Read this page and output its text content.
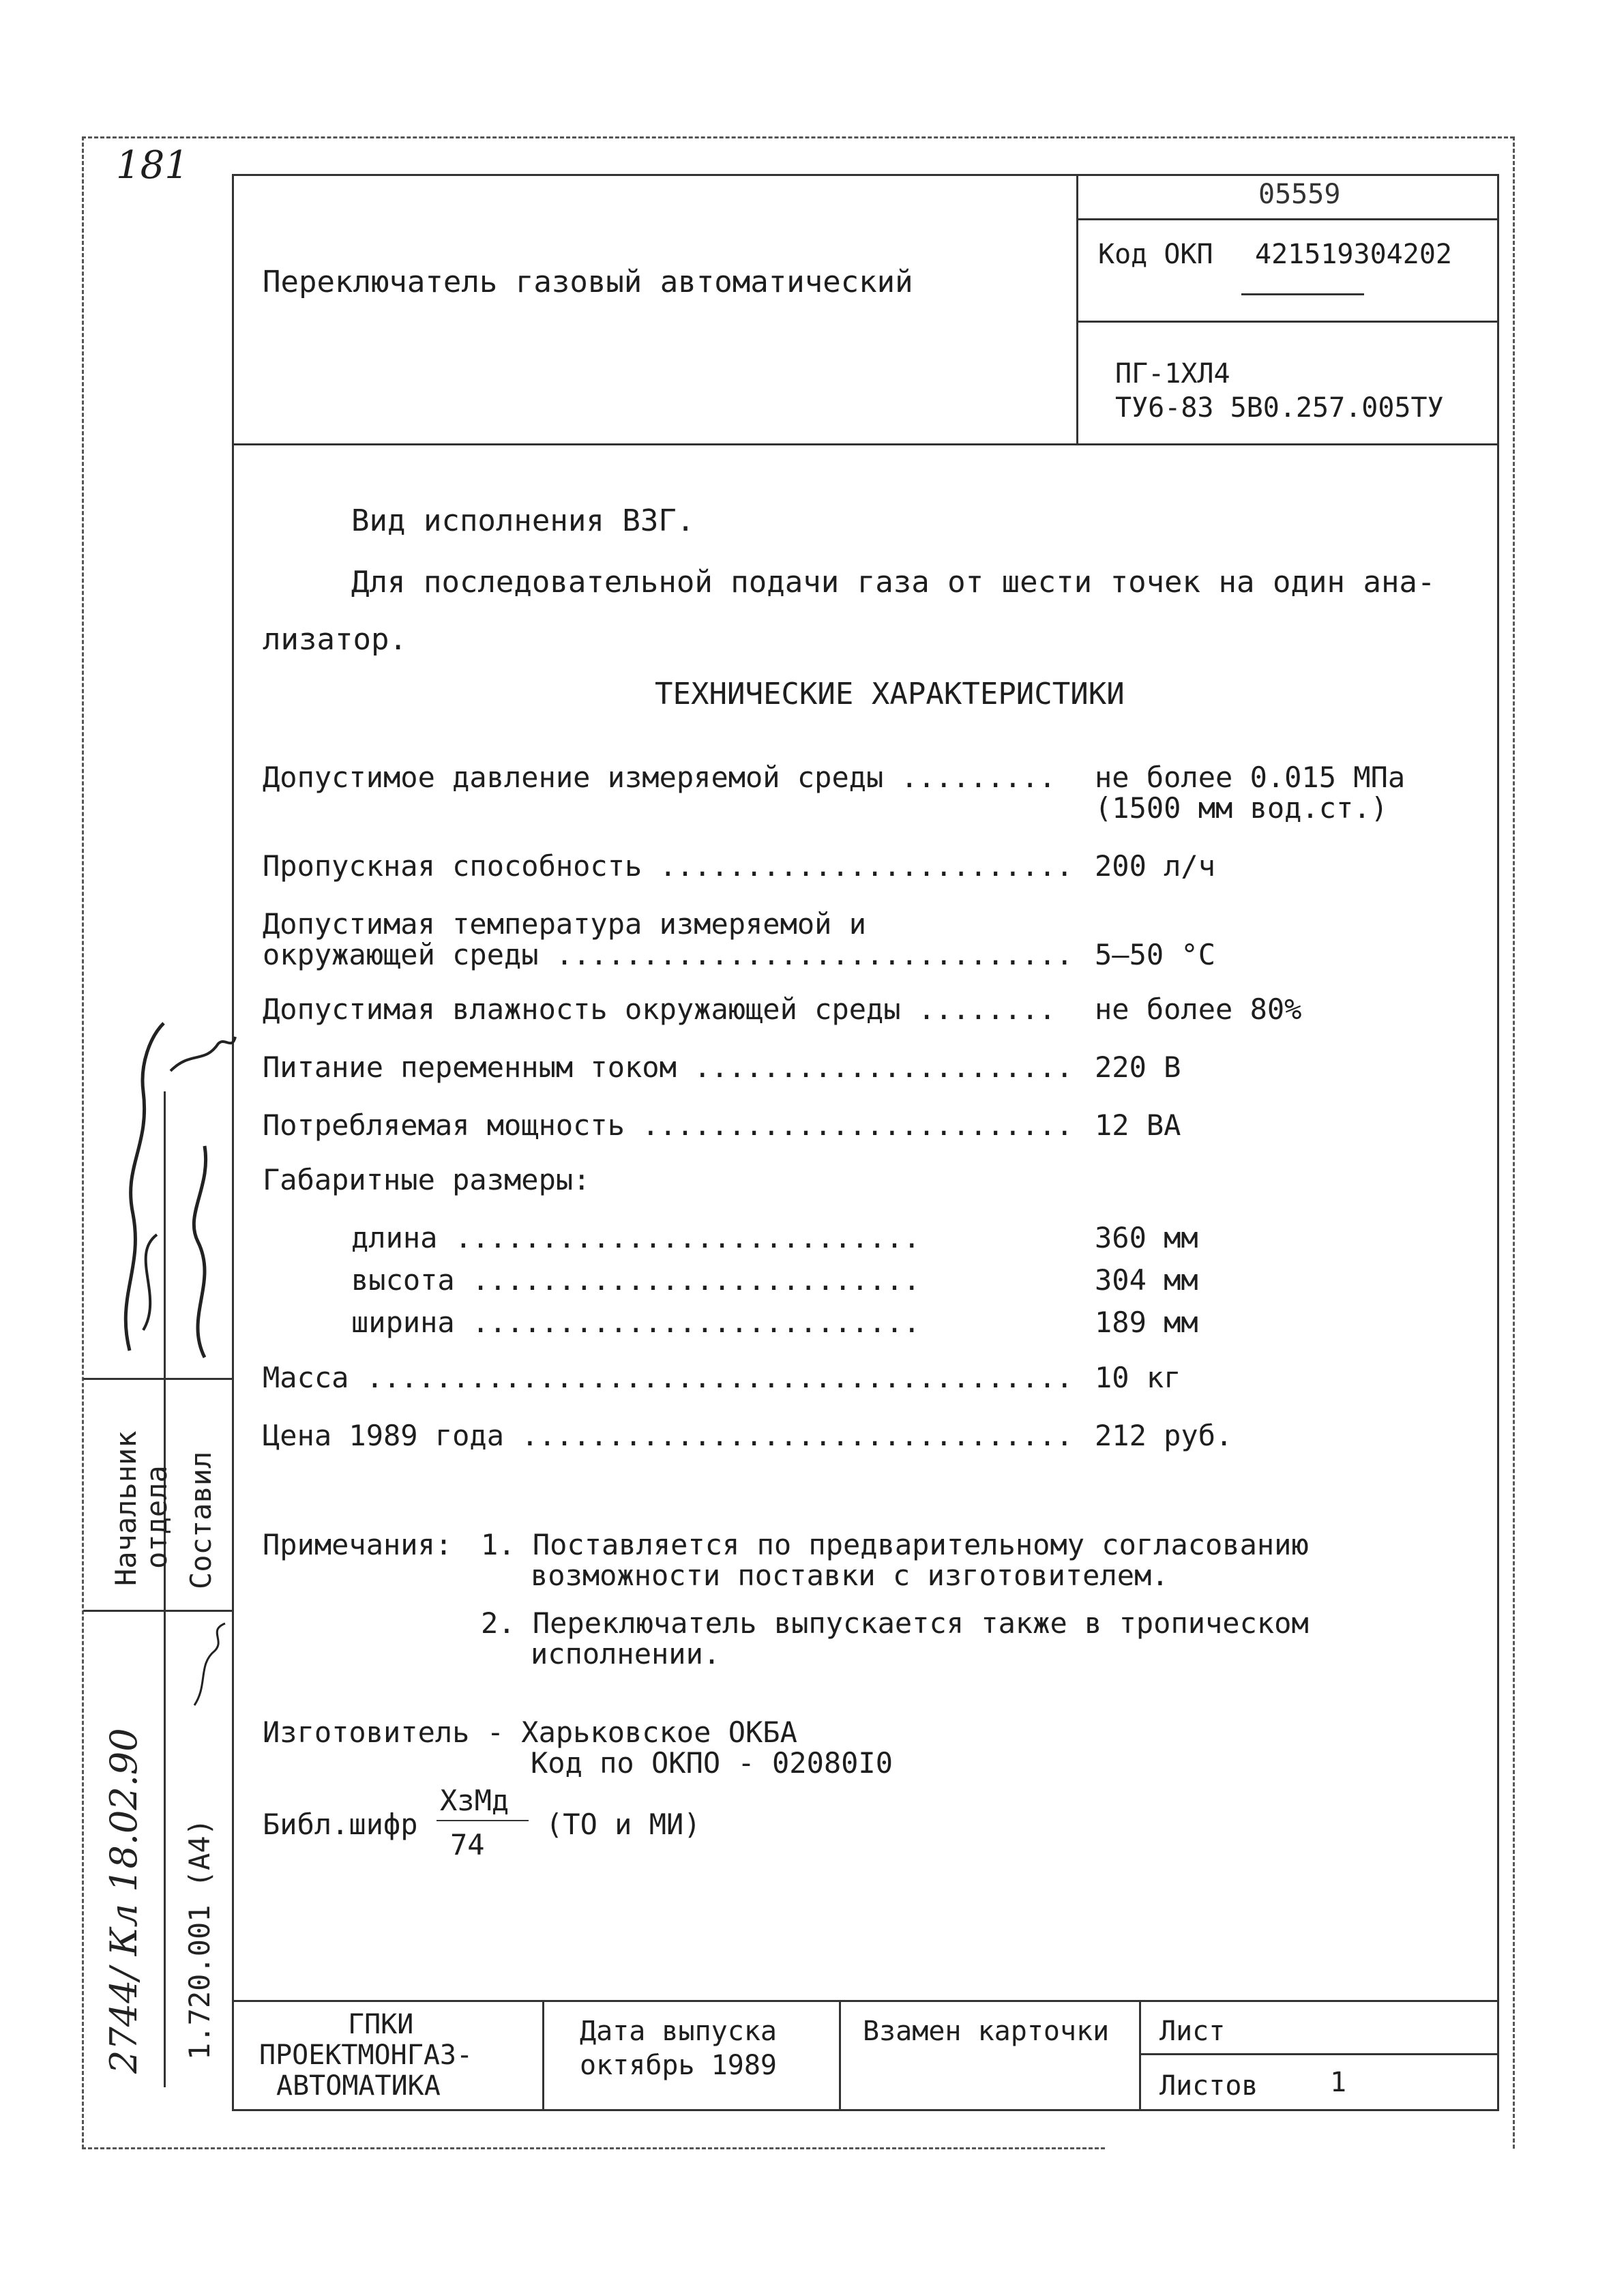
181
05559
Код ОКП 421519304202
ПГ-1ХЛ4
ТУ6-83 5В0.257.005ТУ
Переключатель газовый автоматический
Вид исполнения ВЗГ.
Для последовательной подачи газа от шести точек на один ана-
лизатор.
ТЕХНИЧЕСКИЕ ХАРАКТЕРИСТИКИ
Допустимое давление измеряемой среды ......... не более 0.015 МПа
(1500 мм вод.ст.)
Пропускная способность ........................ 200 л/ч
Допустимая температура измеряемой и
окружающей среды .............................. 5–50 °С
Допустимая влажность окружающей среды ........ не более 80%
Питание переменным током ...................... 220 В
Потребляемая мощность ......................... 12 ВА
Габаритные размеры:
длина ...........................	360 мм
высота ..........................	304 мм
ширина ..........................	189 мм
Масса ......................................... 10 кг
Цена 1989 года ................................ 212 руб.
Примечания: 1. Поставляется по предварительному согласованию
возможности поставки с изготовителем.
2. Переключатель выпускается также в тропическом
исполнении.
Изготовитель - Харьковское ОКБА
Код по ОКПО - 02080I0
Библ.шифр
ХзМд
74
(ТО и МИ)
ГПКИ
ПРОЕКТМОНГАЗ-
АВТОМАТИКА
Дата выпуска
октябрь 1989
Взамен карточки Лист
Листов	1
Начальник
отдела Составил
2744/ Кл 18.02.90 1.720.001 (А4)
